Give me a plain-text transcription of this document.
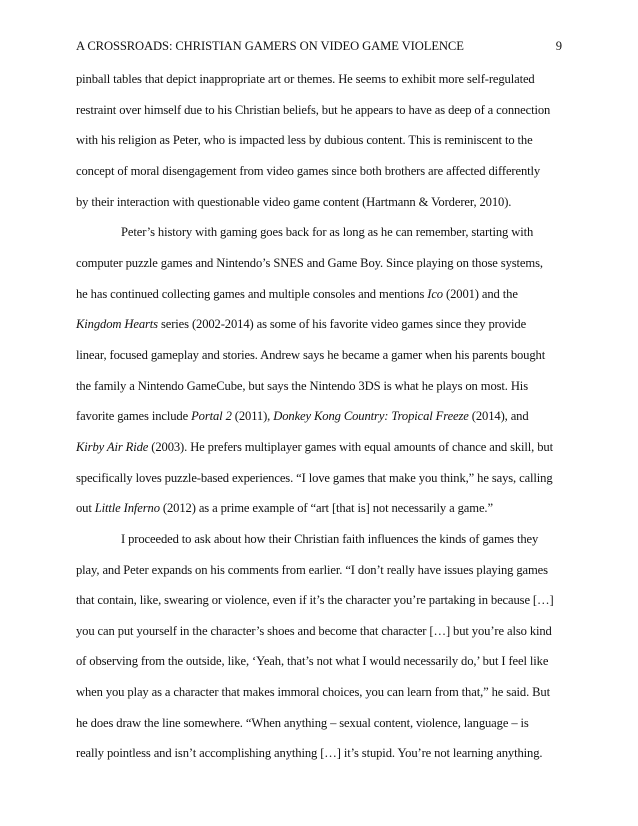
A CROSSROADS: CHRISTIAN GAMERS ON VIDEO GAME VIOLENCE	9
pinball tables that depict inappropriate art or themes. He seems to exhibit more self-regulated
restraint over himself due to his Christian beliefs, but he appears to have as deep of a connection
with his religion as Peter, who is impacted less by dubious content. This is reminiscent to the
concept of moral disengagement from video games since both brothers are affected differently
by their interaction with questionable video game content (Hartmann & Vorderer, 2010).
Peter’s history with gaming goes back for as long as he can remember, starting with
computer puzzle games and Nintendo’s SNES and Game Boy. Since playing on those systems,
he has continued collecting games and multiple consoles and mentions Ico (2001) and the
Kingdom Hearts series (2002-2014) as some of his favorite video games since they provide
linear, focused gameplay and stories. Andrew says he became a gamer when his parents bought
the family a Nintendo GameCube, but says the Nintendo 3DS is what he plays on most. His
favorite games include Portal 2 (2011), Donkey Kong Country: Tropical Freeze (2014), and
Kirby Air Ride (2003). He prefers multiplayer games with equal amounts of chance and skill, but
specifically loves puzzle-based experiences. “I love games that make you think,” he says, calling
out Little Inferno (2012) as a prime example of “art [that is] not necessarily a game.”
I proceeded to ask about how their Christian faith influences the kinds of games they
play, and Peter expands on his comments from earlier. “I don’t really have issues playing games
that contain, like, swearing or violence, even if it’s the character you’re partaking in because […]
you can put yourself in the character’s shoes and become that character […] but you’re also kind
of observing from the outside, like, ‘Yeah, that’s not what I would necessarily do,’ but I feel like
when you play as a character that makes immoral choices, you can learn from that,” he said. But
he does draw the line somewhere. “When anything – sexual content, violence, language – is
really pointless and isn’t accomplishing anything […] it’s stupid. You’re not learning anything.
